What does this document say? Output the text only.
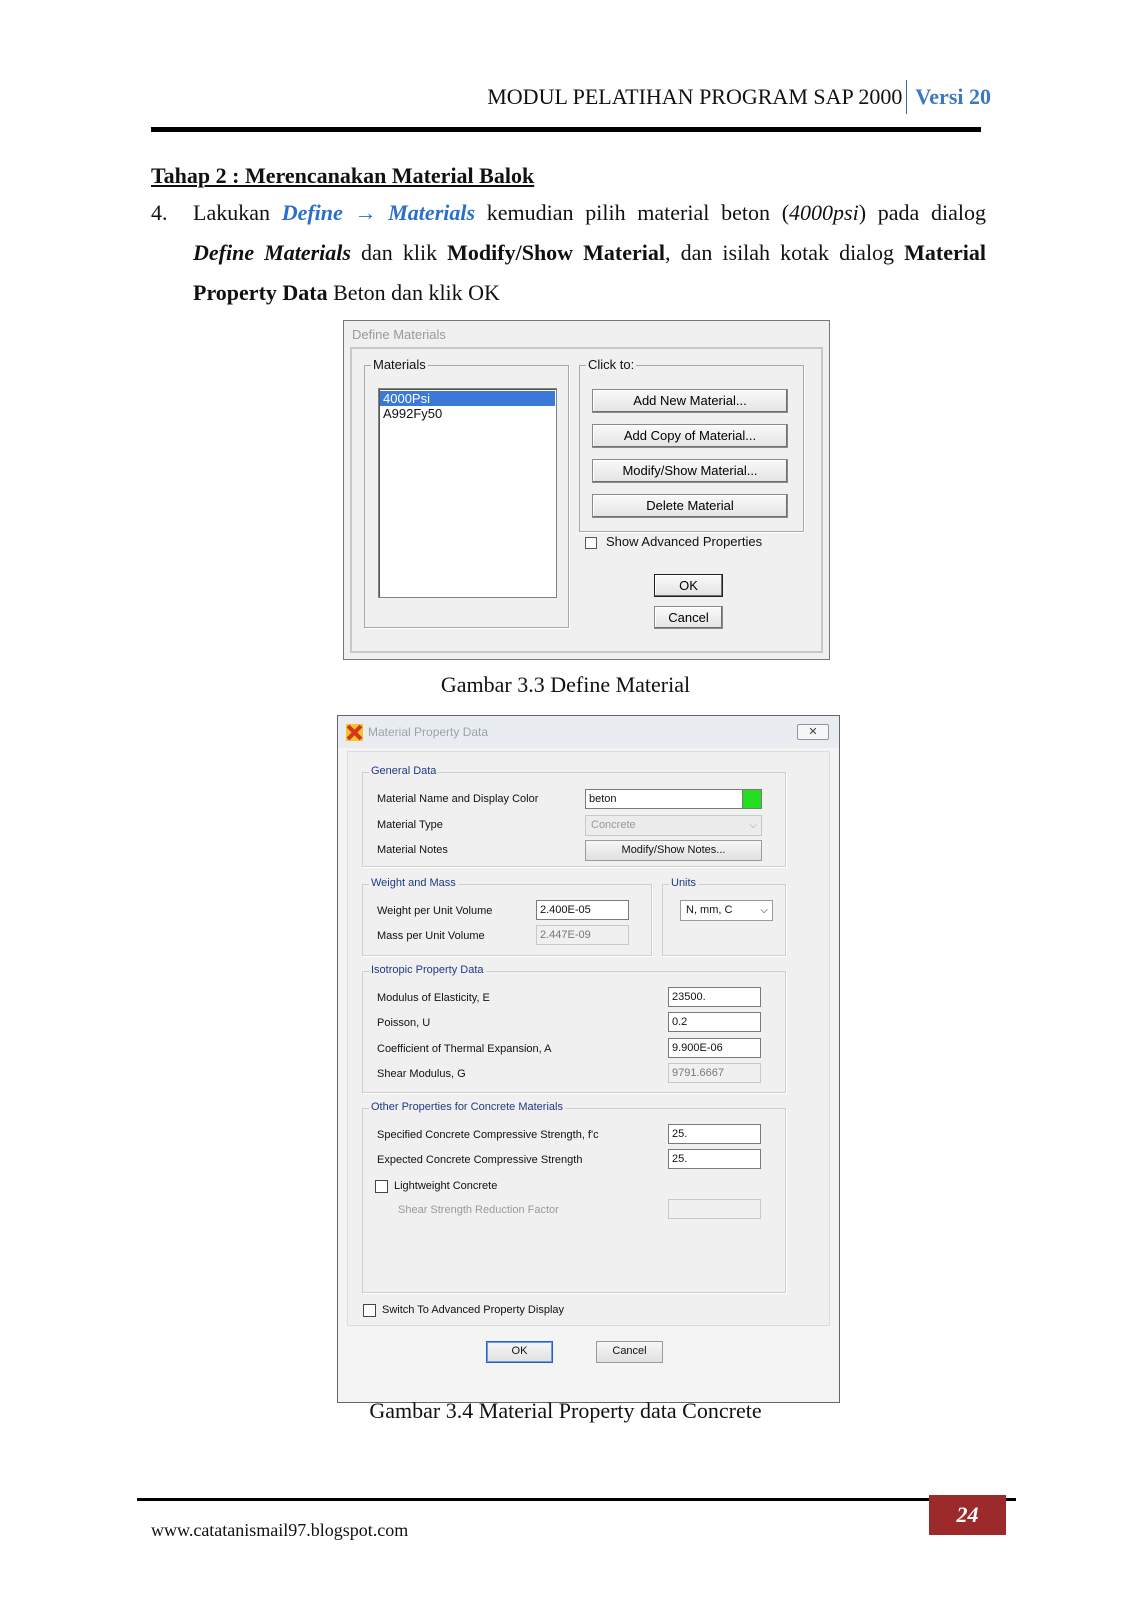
MODUL PELATIHAN PROGRAM SAP 2000 Versi 20
Tahap 2 : Merencanakan Material Balok
4. Lakukan Define → Materials kemudian pilih material beton (4000psi) pada dialog Define Materials dan klik Modify/Show Material, dan isilah kotak dialog Material Property Data Beton dan klik OK
Define Materials
Materials
4000Psi
A992Fy50
Click to:
Add New Material...
Add Copy of Material...
Modify/Show Material...
Delete Material
Show Advanced Properties
OK
Cancel
Gambar 3.3 Define Material
Material Property Data	✕
General Data
Material Name and Display Color	beton
Material Type	Concrete	⌵
Material Notes	Modify/Show Notes...
Weight and Mass
Weight per Unit Volume	2.400E-05
Mass per Unit Volume	2.447E-09
Units
N, mm, C	⌵
Isotropic Property Data
Modulus of Elasticity, E	23500.
Poisson, U	0.2
Coefficient of Thermal Expansion, A	9.900E-06
Shear Modulus, G	9791.6667
Other Properties for Concrete Materials
Specified Concrete Compressive Strength, f'c	25.
Expected Concrete Compressive Strength	25.
Lightweight Concrete
Shear Strength Reduction Factor
Switch To Advanced Property Display
OK	Cancel
Gambar 3.4 Material Property data Concrete
www.catatanismail97.blogspot.com
24
